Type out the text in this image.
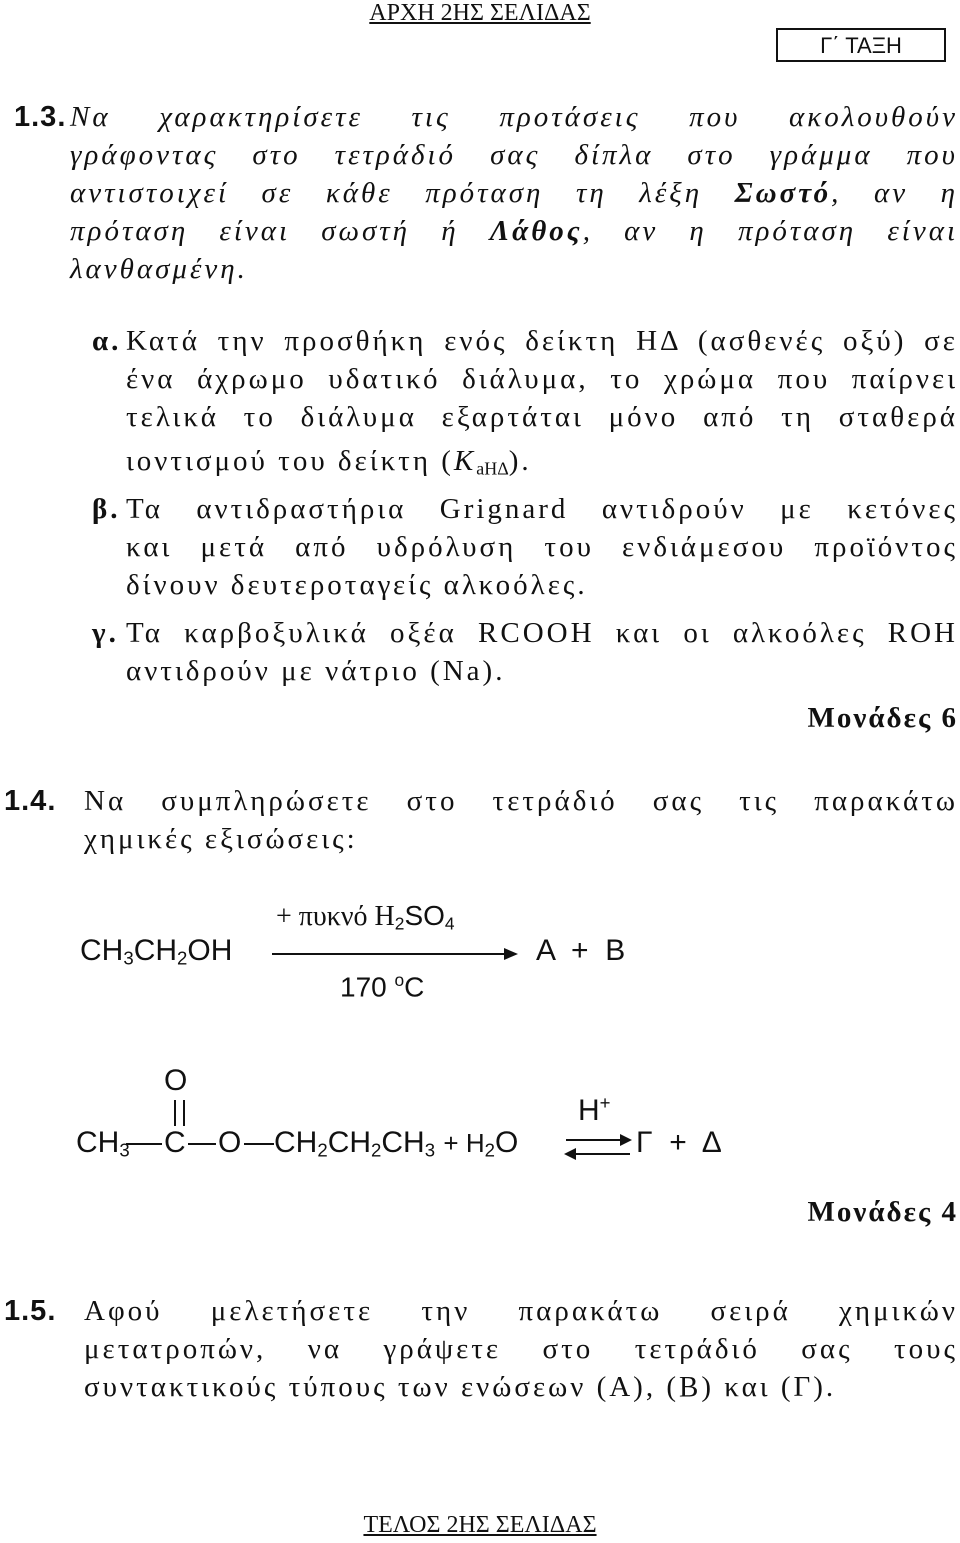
ΑΡΧΗ 2ΗΣ ΣΕΛΙΔΑΣ
Γ΄ ΤΑΞΗ
1.3. Να χαρακτηρίσετε τις προτάσεις που ακολουθούν
γράφοντας στο τετράδιό σας δίπλα στο γράμμα που
αντιστοιχεί σε κάθε πρόταση τη λέξη Σωστό, αν η
πρόταση είναι σωστή ή Λάθος, αν η πρόταση είναι
λανθασμένη.
α. Κατά την προσθήκη ενός δείκτη ΗΔ (ασθενές οξύ) σε
ένα άχρωμο υδατικό διάλυμα, το χρώμα που παίρνει
τελικά το διάλυμα εξαρτάται μόνο από τη σταθερά
ιοντισμού του δείκτη $(K_{aH\Delta})$.
β. Τα αντιδραστήρια Grignard αντιδρούν με κετόνες
και μετά από υδρόλυση του ενδιάμεσου προϊόντος
δίνουν δευτεροταγείς αλκοόλες.
γ. Τα καρβοξυλικά οξέα RCOOH και οι αλκοόλες ROH
αντιδρούν με νάτριο (Na).
Μονάδες 6
1.4. Να συμπληρώσετε στο τετράδιό σας τις παρακάτω
χημικές εξισώσεις:
$CH_3CH_2OH$
+ πυκνό $H_2SO_4$
170 $^o$C
Α  +  Β
O
$CH_3$ C O $CH_2CH_2CH_3 + H_2O$
H+
Γ  +  Δ
Μονάδες 4
1.5. Αφού μελετήσετε την παρακάτω σειρά χημικών
μετατροπών, να γράψετε στο τετράδιό σας τους
συντακτικούς τύπους των ενώσεων (Α), (Β) και (Γ).
ΤΕΛΟΣ 2ΗΣ ΣΕΛΙΔΑΣ
